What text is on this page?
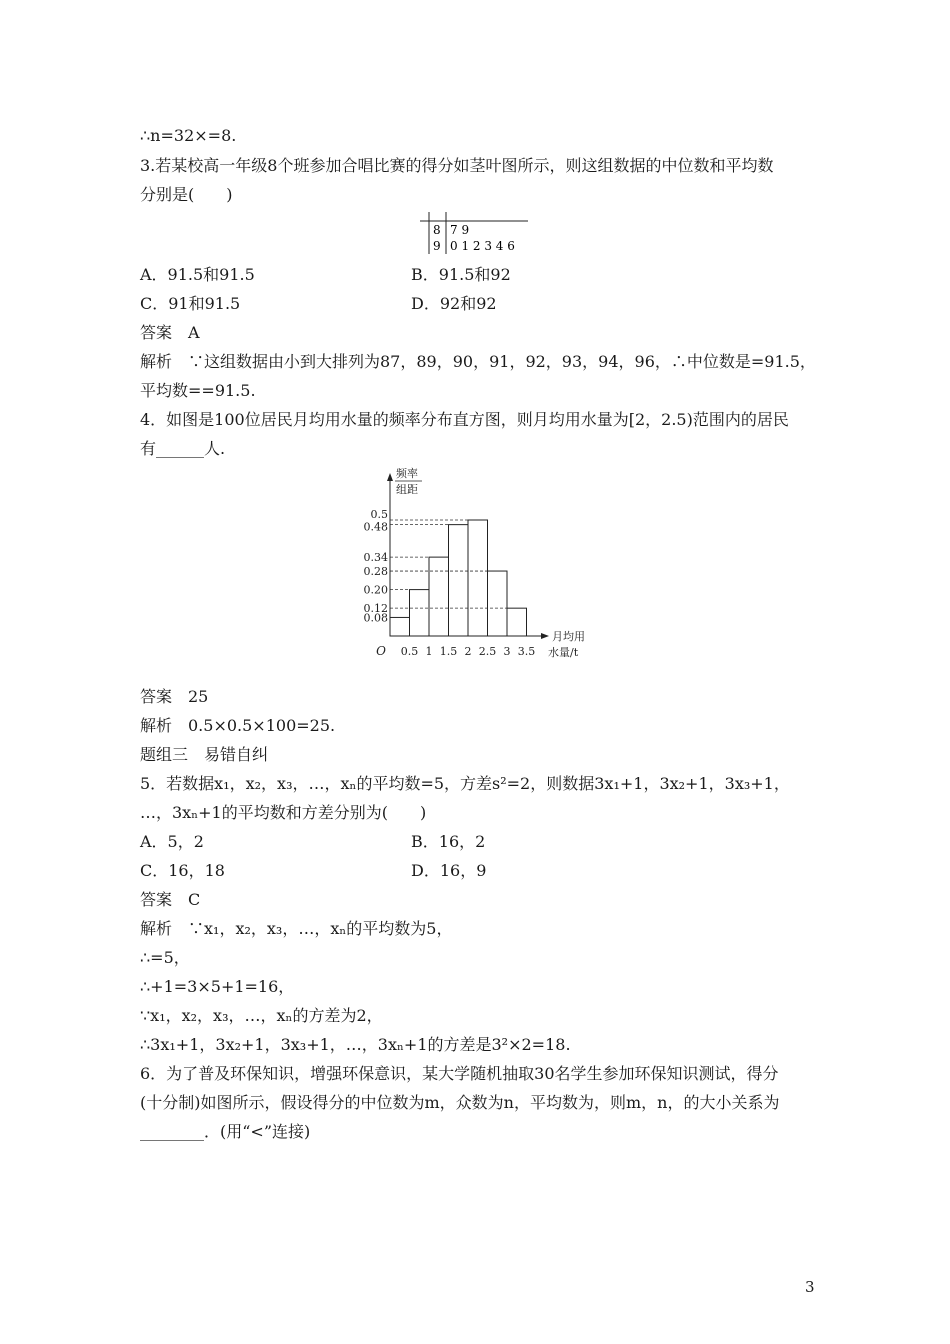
∴n=32×=8.
3.若某校高一年级8个班参加合唱比赛的得分如茎叶图所示，则这组数据的中位数和平均数
分别是(　　)
8 7 9
9 0 1 2 3 4 6
A．91.5和91.5	B．91.5和92
C．91和91.5	D．92和92
答案　A
解析　∵这组数据由小到大排列为87，89，90，91，92，93，94，96，∴中位数是=91.5，
平均数==91.5.
4．如图是100位居民月均用水量的频率分布直方图，则月均用水量为[2，2.5)范围内的居民
有______人.
0.08
0.12
0.20
0.28
0.34
0.48
0.5
0.5 1 1.5 2 2.5 3 3.5
O
频率
组距
月均用
水量/t
答案　25
解析　0.5×0.5×100=25.
题组三　易错自纠
5．若数据x₁，x₂，x₃，…，xₙ的平均数=5，方差s²=2，则数据3x₁+1，3x₂+1，3x₃+1，
…，3xₙ+1的平均数和方差分别为(　　)
A．5，2	B．16，2
C．16，18	D．16，9
答案　C
解析　∵x₁，x₂，x₃，…，xₙ的平均数为5，
∴=5，
∴+1=3×5+1=16，
∵x₁，x₂，x₃，…，xₙ的方差为2，
∴3x₁+1，3x₂+1，3x₃+1，…，3xₙ+1的方差是3²×2=18.
6．为了普及环保知识，增强环保意识，某大学随机抽取30名学生参加环保知识测试，得分
(十分制)如图所示，假设得分的中位数为m，众数为n，平均数为，则m，n，的大小关系为
________．(用“<”连接)
3
